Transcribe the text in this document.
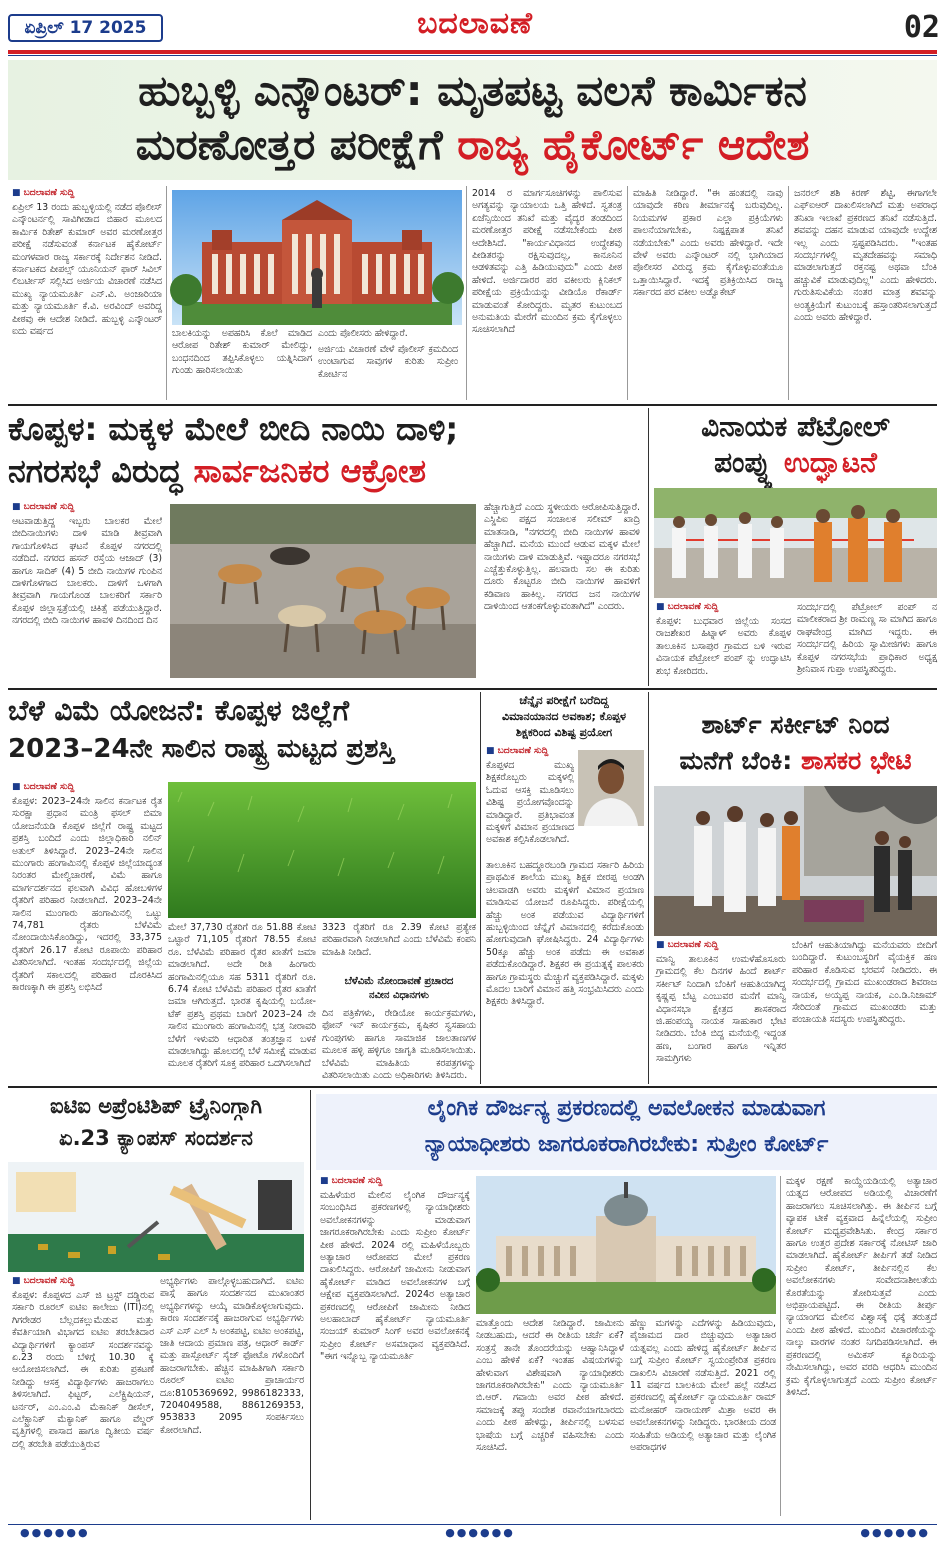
ಏಪ್ರಿಲ್ 17 2025	ಬದಲಾವಣೆ	02
ಹುಬ್ಬಳ್ಳಿ ಎನ್ಕೌಂಟರ್: ಮೃತಪಟ್ಟ ವಲಸೆ ಕಾರ್ಮಿಕನ
ಮರಣೋತ್ತರ ಪರೀಕ್ಷೆಗೆ ರಾಜ್ಯ ಹೈಕೋರ್ಟ್ ಆದೇಶ
■ ಬದಲಾವಣೆ ಸುದ್ದಿ
ಏಪ್ರಿಲ್ 13 ರಂದು ಹುಬ್ಬಳ್ಳಿಯಲ್ಲಿ ನಡೆದ ಪೊಲೀಸ್ ಎನ್ಕೌಂಟರ್ನಲ್ಲಿ ಸಾವಿಗೀಡಾದ ಬಿಹಾರ ಮೂಲದ ಕಾರ್ಮಿಕ ರಿತೇಶ್ ಕುಮಾರ್ ಅವರ ಮರಣೋತ್ತರ ಪರೀಕ್ಷೆ ನಡೆಸುವಂತೆ ಕರ್ನಾಟಕ ಹೈಕೋರ್ಟ್ ಮಂಗಳವಾರ ರಾಜ್ಯ ಸರ್ಕಾರಕ್ಕೆ ನಿರ್ದೇಶನ ನೀಡಿದೆ. ಕರ್ನಾಟಕದ ಪೀಪಲ್ಸ್ ಯೂನಿಯನ್ ಫಾರ್ ಸಿವಿಲ್ ಲಿಬರ್ಟೀಸ್ ಸಲ್ಲಿಸಿದ ಅರ್ಜಿಯ ವಿಚಾರಣೆ ನಡೆಸಿದ ಮುಖ್ಯ ನ್ಯಾಯಮೂರ್ತಿ ಎನ್.ವಿ. ಅಂಜಾರಿಯಾ ಮತ್ತು ನ್ಯಾಯಮೂರ್ತಿ ಕೆ.ವಿ. ಅರವಿಂದ್ ಅವರಿದ್ದ ಪೀಠವು ಈ ಆದೇಶ ನೀಡಿದೆ. ಹುಬ್ಬಳ್ಳಿ ಎನ್ಕೌಂಟರ್ ಐದು ವರ್ಷದ	ಬಾಲಕಿಯನ್ನು ಅಪಹರಿಸಿ ಕೊಲೆ ಮಾಡಿದ ಆರೋಪ ರಿತೇಶ್ ಕುಮಾರ್ ಮೇಲಿದ್ದು, ಬಂಧನದಿಂದ ತಪ್ಪಿಸಿಕೊಳ್ಳಲು ಯತ್ನಿಸಿದಾಗ ಗುಂಡು ಹಾರಿಸಲಾಯಿತು
ಎಂದು ಪೊಲೀಸರು ಹೇಳಿದ್ದಾರೆ.
ಅರ್ಜಿಯ ವಿಚಾರಣೆ ವೇಳೆ ಪೊಲೀಸ್ ಕ್ರಮದಿಂದ ಉಂಟಾಗುವ ಸಾವುಗಳ ಕುರಿತು ಸುಪ್ರೀಂ ಕೋರ್ಟಿನ
2014 ರ ಮಾರ್ಗಸೂಚಿಗಳನ್ನು ಪಾಲಿಸುವ ಅಗತ್ಯವನ್ನು ನ್ಯಾಯಾಲಯ ಒತ್ತಿ ಹೇಳಿದೆ. ಸ್ವತಂತ್ರ ಏಜೆನ್ಸಿಯಿಂದ ತನಿಖೆ ಮತ್ತು ವೈದ್ಯರ ತಂಡದಿಂದ ಮರಣೋತ್ತರ ಪರೀಕ್ಷೆ ನಡೆಸಬೇಕೆಂದು ಪೀಠ ಆದೇಶಿಸಿದೆ. "ಕಾರ್ಯವಿಧಾನದ ಉದ್ದೇಶವು ಪೀಡಿತರನ್ನು ರಕ್ಷಿಸುವುದಲ್ಲ, ಕಾನೂನಿನ ಆಡಳಿತವನ್ನು ಎತ್ತಿ ಹಿಡಿಯುವುದು" ಎಂದು ಪೀಠ ಹೇಳಿದೆ. ಅರ್ಜಿದಾರರ ಪರ ವಕೀಲರು ಕ್ಲಿನಿಕಲ್ ಪರೀಕ್ಷೆಯ ಪ್ರಕ್ರಿಯೆಯನ್ನು ವೀಡಿಯೊ ರೆಕಾರ್ಡ್ ಮಾಡುವಂತೆ ಕೋರಿದ್ದರು. ಮೃತರ ಕುಟುಂಬದ ಅನುಮತಿಯ ಮೇರೆಗೆ ಮುಂದಿನ ಕ್ರಮ ಕೈಗೊಳ್ಳಲು ಸೂಚಿಸಲಾಗಿದೆ
ಮಾಹಿತಿ ನೀಡಿದ್ದಾರೆ. "ಈ ಹಂತದಲ್ಲಿ ನಾವು ಯಾವುದೇ ಕಠಿಣ ತೀರ್ಮಾನಕ್ಕೆ ಬರುವುದಿಲ್ಲ. ನಿಯಮಗಳ ಪ್ರಕಾರ ಎಲ್ಲಾ ಪ್ರಕ್ರಿಯೆಗಳು ಪಾಲನೆಯಾಗಬೇಕು, ನಿಷ್ಪಕ್ಷಪಾತ ತನಿಖೆ ನಡೆಯಬೇಕು" ಎಂದು ಅವರು ಹೇಳಿದ್ದಾರೆ. ಇದೇ ವೇಳೆ ಅವರು ಎನ್ಕೌಂಟರ್ ನಲ್ಲಿ ಭಾಗಿಯಾದ ಪೊಲೀಸರ ವಿರುದ್ಧ ಕ್ರಮ ಕೈಗೊಳ್ಳುವಂತೆಯೂ ಒತ್ತಾಯಿಸಿದ್ದಾರೆ. ಇದಕ್ಕೆ ಪ್ರತಿಕ್ರಿಯಿಸಿದ ರಾಜ್ಯ ಸರ್ಕಾರದ ಪರ ವಕೀಲ ಅಡ್ವೊಕೇಟ್
ಜನರಲ್ ಶಶಿ ಕಿರಣ್ ಶೆಟ್ಟಿ, ಈಗಾಗಲೇ ಎಫ್ಐಆರ್ ದಾಖಲಿಸಲಾಗಿದೆ ಮತ್ತು ಅಪರಾಧ ತನಿಖಾ ಇಲಾಖೆ ಪ್ರಕರಣದ ತನಿಖೆ ನಡೆಸುತ್ತಿದೆ. ಶವವನ್ನು ದಹನ ಮಾಡುವ ಯಾವುದೇ ಉದ್ದೇಶ ಇಲ್ಲ ಎಂದು ಸ್ಪಷ್ಟಪಡಿಸಿದರು. "ಇಂತಹ ಸಂದರ್ಭಗಳಲ್ಲಿ ಮೃತದೇಹವನ್ನು ಸಮಾಧಿ ಮಾಡಲಾಗುತ್ತದೆ ರಕ್ತನಷ್ಟ ಅಥವಾ ಬೆಂಕಿ ಹಚ್ಚುವಿಕೆ ಮಾಡುವುದಿಲ್ಲ" ಎಂದು ಹೇಳಿದರು. ಗುರುತಿಸುವಿಕೆಯ ನಂತರ ಮಾತ್ರ ಶವವನ್ನು ಅಂತ್ಯಕ್ರಿಯೆಗೆ ಕುಟುಂಬಕ್ಕೆ ಹಸ್ತಾಂತರಿಸಲಾಗುತ್ತದೆ ಎಂದು ಅವರು ಹೇಳಿದ್ದಾರೆ.
ಕೊಪ್ಪಳ: ಮಕ್ಕಳ ಮೇಲೆ ಬೀದಿ ನಾಯಿ ದಾಳಿ;
ನಗರಸಭೆ ವಿರುದ್ಧ ಸಾರ್ವಜನಿಕರ ಆಕ್ರೋಶ
■ ಬದಲಾವಣೆ ಸುದ್ದಿ
ಆಟವಾಡುತ್ತಿದ್ದ ಇಬ್ಬರು ಬಾಲಕರ ಮೇಲೆ ಬೀದಿನಾಯಿಗಳು ದಾಳಿ ಮಾಡಿ ತೀವ್ರವಾಗಿ ಗಾಯಗೊಳಿಸಿದ ಘಟನೆ ಕೊಪ್ಪಳ ನಗರದಲ್ಲಿ ನಡೆದಿದೆ. ನಗರದ ಹಸನ್ ರಸ್ತೆಯ ಆಜಾದ್ (3) ಹಾಗೂ ಸಾದಿಕ್ (4) 5 ಬೀದಿ ನಾಯಿಗಳ ಗುಂಪಿನ ದಾಳಿಗೊಳಗಾದ ಬಾಲಕರು. ದಾಳಿಗೆ ಒಳಗಾಗಿ ತೀವ್ರವಾಗಿ ಗಾಯಗೊಂಡ ಬಾಲಕರಿಗೆ ಸರ್ಕಾರಿ ಕೊಪ್ಪಳ ಜಿಲ್ಲಾಸ್ಪತ್ರೆಯಲ್ಲಿ ಚಿಕಿತ್ಸೆ ಪಡೆಯುತ್ತಿದ್ದಾರೆ. ನಗರದಲ್ಲಿ ಬೀದಿ ನಾಯಿಗಳ ಹಾವಳಿ ದಿನದಿಂದ ದಿನ
ಹೆಚ್ಚಾಗುತ್ತಿದೆ ಎಂದು ಸ್ಥಳೀಯರು ಆರೋಪಿಸುತ್ತಿದ್ದಾರೆ. ಎಸ್ಡಿಪಿಐ ಪಕ್ಷದ ಸಂಚಾಲಕ ಸಲೀಮ್ ಖಾದ್ರಿ ಮಾತನಾಡಿ, "ನಗರದಲ್ಲಿ ಬೀದಿ ನಾಯಿಗಳ ಹಾವಳಿ ಹೆಚ್ಚಾಗಿದೆ. ಮನೆಯ ಮುಂದೆ ಆಡುವ ಮಕ್ಕಳ ಮೇಲೆ ನಾಯಿಗಳು ದಾಳಿ ಮಾಡುತ್ತಿವೆ. ಇಷ್ಟಾದರೂ ನಗರಸಭೆ ಎಚ್ಚೆತ್ತುಕೊಳ್ಳುತ್ತಿಲ್ಲ. ಹಲವಾರು ಸಲ ಈ ಕುರಿತು ದೂರು ಕೊಟ್ಟರೂ ಬೀದಿ ನಾಯಿಗಳ ಹಾವಳಿಗೆ ಕಡಿವಾಣ ಹಾಕಿಲ್ಲ. ನಗರದ ಜನ ನಾಯಿಗಳ ದಾಳಿಯಿಂದ ಆತಂಕಗೊಳ್ಳುವಂತಾಗಿದೆ" ಎಂದರು.
ವಿನಾಯಕ ಪೆಟ್ರೋಲ್
ಪಂಪ್ನ್ನು ಉದ್ಘಾಟನೆ
■ ಬದಲಾವಣೆ ಸುದ್ದಿ
ಕೊಪ್ಪಳ: ಬುಧವಾರ ಜಿಲ್ಲೆಯ ಸಂಸದ ರಾಜಶೇಖರ ಹಿಟ್ನಾಳ್ ಅವರು ಕೊಪ್ಪಳ ತಾಲೂಕಿನ ಬಸಾಪುರ ಗ್ರಾಮದ ಬಳಿ ಇರುವ ವಿನಾಯಕ ಪೆಟ್ರೋಲ್ ಪಂಪ್ ನ್ನು ಉದ್ಘಾಟಿಸಿ ಶುಭ ಕೋರಿದರು.
ಸಂದರ್ಭದಲ್ಲಿ ಪೆಟ್ರೋಲ್ ಪಂಪ್ ನ ಮಾಲೀಕರಾದ ಶ್ರೀ ರಾಮಣ್ಣ ಸಾ ಮಾಗಿದ ಹಾಗೂ ರಾಘವೇಂದ್ರ ಮಾಗಿದ ಇದ್ದರು. ಈ ಸಂದರ್ಭದಲ್ಲಿ ಹಿರಿಯ ಸ್ವಾಮೀಜಿಗಳು ಹಾಗೂ ಕೊಪ್ಪಳ ನಗರಸಭೆಯ ಪ್ರಾಧಿಕಾರ ಅಧ್ಯಕ್ಷ ಶ್ರೀನಿವಾಸ ಗುಪ್ತಾ ಉಪಸ್ಥಿತರಿದ್ದರು.
ಬೆಳೆ ವಿಮೆ ಯೋಜನೆ: ಕೊಪ್ಪಳ ಜಿಲ್ಲೆಗೆ
2023–24ನೇ ಸಾಲಿನ ರಾಷ್ಟ್ರ ಮಟ್ಟದ ಪ್ರಶಸ್ತಿ
■ ಬದಲಾವಣೆ ಸುದ್ದಿ
ಕೊಪ್ಪಳ: 2023–24ನೇ ಸಾಲಿನ ಕರ್ನಾಟಕ ರೈತ ಸುರಕ್ಷಾ ಪ್ರಧಾನ ಮಂತ್ರಿ ಫಸಲ್ ಬಿಮಾ ಯೋಜನೆಯಡಿ ಕೊಪ್ಪಳ ಜಿಲ್ಲೆಗೆ ರಾಷ್ಟ್ರ ಮಟ್ಟದ ಪ್ರಶಸ್ತಿ ಬಂದಿದೆ ಎಂದು ಜಿಲ್ಲಾಧಿಕಾರಿ ನಲಿನ್ ಅತುಲ್ ತಿಳಿಸಿದ್ದಾರೆ. 2023–24ನೇ ಸಾಲಿನ ಮುಂಗಾರು ಹಂಗಾಮಿನಲ್ಲಿ ಕೊಪ್ಪಳ ಜಿಲ್ಲೆಯಾದ್ಯಂತ ನಿರಂತರ ಮೇಲ್ವಿಚಾರಣೆ, ವಿಮೆ ಹಾಗೂ ಮಾರ್ಗದರ್ಶನದ ಫಲವಾಗಿ ವಿವಿಧ ಹೋಬಳಿಗಳ ರೈತರಿಗೆ ಪರಿಹಾರ ನೀಡಲಾಗಿದೆ. 2023–24ನೇ ಸಾಲಿನ ಮುಂಗಾರು ಹಂಗಾಮಿನಲ್ಲಿ ಒಟ್ಟು 74,781 ರೈತರು ಬೆಳೆವಿಮೆ ನೋಂದಾಯಿಸಿಕೊಂಡಿದ್ದು, ಇದರಲ್ಲಿ 33,375 ರೈತರಿಗೆ 26.17 ಕೋಟಿ ರೂಪಾಯಿ ಪರಿಹಾರ ವಿತರಿಸಲಾಗಿದೆ. ಇಂತಹ ಸಂದರ್ಭದಲ್ಲಿ ಜಿಲ್ಲೆಯ ರೈತರಿಗೆ ಸಕಾಲದಲ್ಲಿ ಪರಿಹಾರ ದೊರಕಿಸಿದ ಕಾರಣಕ್ಕಾಗಿ ಈ ಪ್ರಶಸ್ತಿ ಲಭಿಸಿದೆ
ಮೇಲೆ 37,730 ರೈತರಿಗೆ ರೂ 51.88 ಕೋಟಿ ಒಟ್ಟಾರೆ 71,105 ರೈತರಿಗೆ 78.55 ಕೋಟಿ ರೂ. ಬೆಳೆವಿಮೆ ಪರಿಹಾರ ರೈತರ ಖಾತೆಗೆ ಜಮಾ ಮಾಡಲಾಗಿದೆ. ಅದೇ ರೀತಿ ಹಿಂಗಾರು ಹಂಗಾಮಿನಲ್ಲಿಯೂ ಸಹ 5311 ರೈತರಿಗೆ ರೂ. 6.74 ಕೋಟಿ ಬೆಳೆವಿಮೆ ಪರಿಹಾರ ರೈತರ ಖಾತೆಗೆ ಜಮಾ ಆಗಿರುತ್ತದೆ. ಭಾರತ ಕೃಷಿಯಲ್ಲಿ ಬಯೋ-ಟೆಕ್ ಪ್ರಶಸ್ತಿ ಪ್ರಥಮ ಬಾರಿಗೆ 2023–24 ನೇ ಸಾಲಿನ ಮುಂಗಾರು ಹಂಗಾಮಿನಲ್ಲಿ ಭತ್ತ ನೀರಾವರಿ ಬೆಳೆಗೆ ಇಳುವರಿ ಆಧಾರಿತ ತಂತ್ರಜ್ಞಾನ ಬಳಕೆ ಮಾಡಲಾಗಿದ್ದು ಹೊಲದಲ್ಲಿ ಬೆಳೆ ಸಮೀಕ್ಷೆ ಮಾಡುವ ಮೂಲಕ ರೈತರಿಗೆ ಸೂಕ್ತ ಪರಿಹಾರ ಒದಗಿಸಲಾಗಿದೆ
3323 ರೈತರಿಗೆ ರೂ 2.39 ಕೋಟಿ ಪ್ರತ್ಯೇಕ ಪರಿಹಾರವಾಗಿ ನೀಡಲಾಗಿದೆ ಎಂದು ಬೆಳೆವಿಮೆ ಕಂಪನಿ ಮಾಹಿತಿ ನೀಡಿದೆ.
ಬೆಳೆವಿಮೆ ನೋಂದಾವಣೆ ಪ್ರಚಾರದ
ನವೀನ ವಿಧಾನಗಳು
ದಿನ ಪತ್ರಿಕೆಗಳು, ರೇಡಿಯೋ ಕಾರ್ಯಕ್ರಮಗಳು, ಫೋನ್ ಇನ್ ಕಾರ್ಯಕ್ರಮ, ಕೃಷಿಕರ ಸ್ವಸಹಾಯ ಗುಂಪುಗಳು ಹಾಗೂ ಸಾಮಾಜಿಕ ಜಾಲತಾಣಗಳ ಮೂಲಕ ಹಳ್ಳಿ ಹಳ್ಳಿಗೂ ಜಾಗೃತಿ ಮೂಡಿಸಲಾಯಿತು. ಬೆಳೆವಿಮೆ ಮಾಹಿತಿಯ ಕರಪತ್ರಗಳನ್ನು ವಿತರಿಸಲಾಯಿತು ಎಂದು ಅಧಿಕಾರಿಗಳು ತಿಳಿಸಿದರು.
ಚೆನ್ನೈನ ಪರೀಕ್ಷೆಗೆ ಬರೆದಿದ್ದ
ವಿಮಾನಯಾನದ ಅವಕಾಶ; ಕೊಪ್ಪಳ
ಶಿಕ್ಷಕರಿಂದ ವಿಶಿಷ್ಟ ಪ್ರಯೋಗ
■ ಬದಲಾವಣೆ ಸುದ್ದಿ
ಕೊಪ್ಪಳದ ಮುಖ್ಯ ಶಿಕ್ಷಕರೊಬ್ಬರು ಮಕ್ಕಳಲ್ಲಿ ಓದುವ ಆಸಕ್ತಿ ಮೂಡಿಸಲು ವಿಶಿಷ್ಟ ಪ್ರಯೋಗವೊಂದನ್ನು ಮಾಡಿದ್ದಾರೆ. ಪ್ರತಿಭಾವಂತ ಮಕ್ಕಳಿಗೆ ವಿಮಾನ ಪ್ರಯಾಣದ ಅವಕಾಶ ಕಲ್ಪಿಸಿಕೊಡಲಾಗಿದೆ.
ತಾಲೂಕಿನ ಬಹದ್ದೂರಬಂಡಿ ಗ್ರಾಮದ ಸರ್ಕಾರಿ ಹಿರಿಯ ಪ್ರಾಥಮಿಕ ಶಾಲೆಯ ಮುಖ್ಯ ಶಿಕ್ಷಕ ಬೀರಪ್ಪ ಅಂಡಗಿ ಚಿಲವಾಡಗಿ ಅವರು ಮಕ್ಕಳಿಗೆ ವಿಮಾನ ಪ್ರಯಾಣ ಮಾಡಿಸುವ ಯೋಜನೆ ರೂಪಿಸಿದ್ದರು. ಪರೀಕ್ಷೆಯಲ್ಲಿ ಹೆಚ್ಚು ಅಂಕ ಪಡೆಯುವ ವಿದ್ಯಾರ್ಥಿಗಳಿಗೆ ಹುಬ್ಬಳ್ಳಿಯಿಂದ ಚೆನ್ನೈಗೆ ವಿಮಾನದಲ್ಲಿ ಕರೆದುಕೊಂಡು ಹೋಗುವುದಾಗಿ ಘೋಷಿಸಿದ್ದರು. 24 ವಿದ್ಯಾರ್ಥಿಗಳು 50ಕ್ಕೂ ಹೆಚ್ಚು ಅಂಕ ಪಡೆದು ಈ ಅವಕಾಶ ಪಡೆದುಕೊಂಡಿದ್ದಾರೆ. ಶಿಕ್ಷಕರ ಈ ಪ್ರಯತ್ನಕ್ಕೆ ಪಾಲಕರು ಹಾಗೂ ಗ್ರಾಮಸ್ಥರು ಮೆಚ್ಚುಗೆ ವ್ಯಕ್ತಪಡಿಸಿದ್ದಾರೆ. ಮಕ್ಕಳು ಮೊದಲ ಬಾರಿಗೆ ವಿಮಾನ ಹತ್ತಿ ಸಂಭ್ರಮಿಸಿದರು ಎಂದು ಶಿಕ್ಷಕರು ತಿಳಿಸಿದ್ದಾರೆ.
ಶಾರ್ಟ್ ಸರ್ಕೀಟ್ ನಿಂದ
ಮನೆಗೆ ಬೆಂಕಿ: ಶಾಸಕರ ಭೇಟಿ
■ ಬದಲಾವಣೆ ಸುದ್ದಿ
ಮಾನ್ವಿ ತಾಲೂಕಿನ ಉಮಳೆಹೊಸೂರು ಗ್ರಾಮದಲ್ಲಿ ಕೆಲ ದಿನಗಳ ಹಿಂದೆ ಶಾರ್ಟ್ ಸರ್ಕೀಟ್ ನಿಂದಾಗಿ ಬೆಂಕಿಗೆ ಆಹುತಿಯಾಗಿದ್ದ ಕೃಷ್ಣಪ್ಪ ಬೆಟ್ಟ ಎಂಬುವರ ಮನೆಗೆ ಮಾನ್ವಿ ವಿಧಾನಸಭಾ ಕ್ಷೇತ್ರದ ಶಾಸಕರಾದ ಜಿ.ಹಂಪಯ್ಯ ನಾಯಕ ಸಾಹುಕಾರ ಭೇಟಿ ನೀಡಿದರು. ಬೆಂಕಿ ಬಿದ್ದ ಮನೆಯಲ್ಲಿ ಇದ್ದಂತ ಹಣ, ಬಂಗಾರ ಹಾಗೂ ಇನ್ನಿತರ ಸಾಮಗ್ರಿಗಳು
ಬೆಂಕಿಗೆ ಆಹುತಿಯಾಗಿದ್ದು ಮನೆಯವರು ಬೀದಿಗೆ ಬಂದಿದ್ದಾರೆ. ಕುಟುಂಬಸ್ಥರಿಗೆ ವೈಯಕ್ತಿಕ ಹಣ ಪರಿಹಾರ ಕೊಡಿಸುವ ಭರವಸೆ ನೀಡಿದರು. ಈ ಸಂದರ್ಭದಲ್ಲಿ ಗ್ರಾಮದ ಮುಖಂಡರಾದ ಶಿವರಾಜ ನಾಯಕ, ಅಯ್ಯಪ್ಪ ನಾಯಕ, ಎಂ.ಡಿ.ನಿಜಾಮ್ ಸೇರಿದಂತೆ ಗ್ರಾಮದ ಮುಖಂಡರು ಮತ್ತು ಪಂಚಾಯತಿ ಸದಸ್ಯರು ಉಪಸ್ಥಿತರಿದ್ದರು.
ಐಟಿಐ ಅಪ್ರೆಂಟಿಶಿಪ್ ಟ್ರೈನಿಂಗ್ಗಾಗಿ
ಏ.23 ಕ್ಯಾಂಪಸ್ ಸಂದರ್ಶನ
■ ಬದಲಾವಣೆ ಸುದ್ದಿ
ಕೊಪ್ಪಳ: ಕೊಪ್ಪಳದ ಎಸ್ ಜಿ ಟ್ರಸ್ಟ್ ದಡ್ಡಿರುವ ಸರ್ಕಾರಿ ರೂರಲ್ ಐಟಿಐ ಕಾಲೇಜು (ITI)ನಲ್ಲಿ ಗಿಗರೇಡರ ಬೆಲ್ಲದಕಲ್ಲುಮೆಡುವ ಮತ್ತು ಕೆವರ್ತಿಯಾಗಿ ವಿಭಾಗದ ಐಟಿಐ ತರಬೇತಿದಾರ ವಿದ್ಯಾರ್ಥಿಗಳಿಗೆ ಕ್ಯಾಂಪಸ್ ಸಂದರ್ಶನವನ್ನು ಏ.23 ರಂದು ಬೆಳಿಗ್ಗೆ 10.30 ಕ್ಕೆ ಆಯೋಜಿಸಲಾಗಿದೆ. ಈ ಕುರಿತು ಪ್ರಕಟಣೆ ನೀಡಿದ್ದು ಆಸಕ್ತ ವಿದ್ಯಾರ್ಥಿಗಳು ಹಾಜರಾಗಲು ತಿಳಿಸಲಾಗಿದೆ. ಫಿಟ್ಟರ್, ಎಲೆಕ್ಟ್ರಿಷಿಯನ್, ಟರ್ನರ್, ಎಂ.ಎಂ.ವಿ ಮೆಕಾನಿಕ್ ಡೀಸೆಲ್, ಎಲೆಕ್ಟ್ರಾನಿಕ್ ಮೆಕ್ಯಾನಿಕ್ ಹಾಗೂ ವೆಲ್ಡರ್ ವೃತ್ತಿಗಳಲ್ಲಿ ಪಾಸಾದ ಹಾಗೂ ದ್ವಿತೀಯ ವರ್ಷ ದಲ್ಲಿ ತರಬೇತಿ ಪಡೆಯುತ್ತಿರುವ
ಅಭ್ಯರ್ಥಿಗಳು ಪಾಲ್ಗೊಳ್ಳಬಹುದಾಗಿದೆ. ಐಟಿಐ ಪಾಸ್ಗೆ ಹಾಗೂ ಸಂದರ್ಶನದ ಮುಖಾಂತರ ಅಭ್ಯರ್ಥಿಗಳನ್ನು ಆಯ್ಕೆ ಮಾಡಿಕೊಳ್ಳಲಾಗುವುದು. ಕಾರಣ ಸಂದರ್ಶನಕ್ಕೆ ಹಾಜರಾಗುವ ಅಭ್ಯರ್ಥಿಗಳು ಎಸ್ ಎಸ್ ಎಲ್ ಸಿ ಅಂಕಪಟ್ಟಿ, ಐಟಿಐ ಅಂಕಪಟ್ಟಿ, ಜಾತಿ ಆದಾಯ ಪ್ರಮಾಣ ಪತ್ರ, ಆಧಾರ್ ಕಾರ್ಡ್ ಮತ್ತು ಪಾಸ್ಪೋರ್ಟ್ ಸೈಜ್ ಫೋಟೊ ಗಳೊಂದಿಗೆ ಹಾಜರಾಗಬೇಕು. ಹೆಚ್ಚಿನ ಮಾಹಿತಿಗಾಗಿ ಸರ್ಕಾರಿ ರೂರಲ್ ಐಟಿಐ ಪ್ರಾಚಾರ್ಯರ ದೂ:8105369692, 9986182333, 7204049588, 8861269353, 953833 2095 ಸಂಪರ್ಕಿಸಲು ಕೋರಲಾಗಿದೆ.
ಲೈಂಗಿಕ ದೌರ್ಜನ್ಯ ಪ್ರಕರಣದಲ್ಲಿ ಅವಲೋಕನ ಮಾಡುವಾಗ
ನ್ಯಾಯಾಧೀಶರು ಜಾಗರೂಕರಾಗಿರಬೇಕು: ಸುಪ್ರೀಂ ಕೋರ್ಟ್
■ ಬದಲಾವಣೆ ಸುದ್ದಿ
ಮಹಿಳೆಯರ ಮೇಲಿನ ಲೈಂಗಿಕ ದೌರ್ಜನ್ಯಕ್ಕೆ ಸಂಬಂಧಿಸಿದ ಪ್ರಕರಣಗಳಲ್ಲಿ ನ್ಯಾಯಾಧೀಶರು ಅವಲೋಕನಗಳನ್ನು ಮಾಡುವಾಗ ಜಾಗರೂಕರಾಗಿರಬೇಕು ಎಂದು ಸುಪ್ರೀಂ ಕೋರ್ಟ್ ಪೀಠ ಹೇಳಿದೆ. 2024 ರಲ್ಲಿ ಮಹಿಳೆಯೊಬ್ಬರು ಅತ್ಯಾಚಾರ ಆರೋಪದ ಮೇಲೆ ಪ್ರಕರಣ ದಾಖಲಿಸಿದ್ದರು. ಆರೋಪಿಗೆ ಜಾಮೀನು ನೀಡುವಾಗ ಹೈಕೋರ್ಟ್ ಮಾಡಿದ ಅವಲೋಕನಗಳ ಬಗ್ಗೆ ಆಕ್ಷೇಪ ವ್ಯಕ್ತಪಡಿಸಲಾಗಿದೆ. 2024ರ ಅತ್ಯಾಚಾರ ಪ್ರಕರಣದಲ್ಲಿ ಆರೋಪಿಗೆ ಜಾಮೀನು ನೀಡಿದ ಅಲಹಾಬಾದ್ ಹೈಕೋರ್ಟ್ ನ್ಯಾಯಮೂರ್ತಿ ಸಂಜಯ್ ಕುಮಾರ್ ಸಿಂಗ್ ಅವರ ಅವಲೋಕನಕ್ಕೆ ಸುಪ್ರೀಂ ಕೋರ್ಟ್ ಅಸಮಾಧಾನ ವ್ಯಕ್ತಪಡಿಸಿದೆ. "ಈಗ ಇನ್ನೊಬ್ಬ ನ್ಯಾಯಮೂರ್ತಿ
ಮಾತ್ತೊಂದು ಆದೇಶ ನೀಡಿದ್ದಾರೆ. ಜಾಮೀನು ನೀಡಬಹುದು, ಆದರೆ ಈ ರೀತಿಯ ಚರ್ಚೆ ಏಕೆ? ಸಂತ್ರಸ್ತೆ ತಾನೇ ತೊಂದರೆಯನ್ನು ಆಹ್ವಾನಿಸಿದ್ದಾಳೆ ಎಂಬ ಹೇಳಿಕೆ ಏಕೆ? ಇಂತಹ ವಿಷಯಗಳನ್ನು ಹೇಳುವಾಗ ವಿಶೇಷವಾಗಿ ನ್ಯಾಯಾಧೀಶರು ಜಾಗರೂಕರಾಗಿರಬೇಕು" ಎಂದು ನ್ಯಾಯಮೂರ್ತಿ ಬಿ.ಆರ್. ಗವಾಯಿ ಅವರ ಪೀಠ ಹೇಳಿದೆ. ಸಮಾಜಕ್ಕೆ ತಪ್ಪು ಸಂದೇಶ ರವಾನೆಯಾಗಬಾರದು ಎಂದು ಪೀಠ ಹೇಳಿದ್ದು, ತೀರ್ಪಿನಲ್ಲಿ ಬಳಸುವ ಭಾಷೆಯ ಬಗ್ಗೆ ಎಚ್ಚರಿಕೆ ವಹಿಸಬೇಕು ಎಂದು ಸೂಚಿಸಿದೆ.
ಹೆಣ್ಣು ಮಗಳನ್ನು ಎದೆಗಳನ್ನು ಹಿಡಿಯುವುದು, ಪೈಜಾಮದ ದಾರ ಬಿಚ್ಚುವುದು ಅತ್ಯಾಚಾರ ಯತ್ನವಲ್ಲ ಎಂದು ಹೇಳಿದ್ದ ಹೈಕೋರ್ಟ್ ತೀರ್ಪಿನ ಬಗ್ಗೆ ಸುಪ್ರೀಂ ಕೋರ್ಟ್ ಸ್ವಯಂಪ್ರೇರಿತ ಪ್ರಕರಣ ದಾಖಲಿಸಿ ವಿಚಾರಣೆ ನಡೆಸುತ್ತಿದೆ. 2021 ರಲ್ಲಿ 11 ವರ್ಷದ ಬಾಲಕಿಯ ಮೇಲೆ ಹಲ್ಲೆ ನಡೆಸಿದ ಪ್ರಕರಣದಲ್ಲಿ ಹೈಕೋರ್ಟ್ ನ್ಯಾಯಮೂರ್ತಿ ರಾಮ್ ಮನೋಹರ್ ನಾರಾಯಣ್ ಮಿಶ್ರಾ ಅವರ ಈ ಅವಲೋಕನಗಳನ್ನು ನೀಡಿದ್ದರು. ಭಾರತೀಯ ದಂಡ ಸಂಹಿತೆಯ ಅಡಿಯಲ್ಲಿ ಅತ್ಯಾಚಾರ ಮತ್ತು ಲೈಂಗಿಕ ಅಪರಾಧಗಳ
ಮಕ್ಕಳ ರಕ್ಷಣೆ ಕಾಯ್ದೆಯಡಿಯಲ್ಲಿ ಅತ್ಯಾಚಾರ ಯತ್ನದ ಆರೋಪದ ಅಡಿಯಲ್ಲಿ ವಿಚಾರಣೆಗೆ ಹಾಜರಾಗಲು ಸೂಚಿಸಲಾಗಿತ್ತು. ಈ ತೀರ್ಪಿನ ಬಗ್ಗೆ ವ್ಯಾಪಕ ಟೀಕೆ ವ್ಯಕ್ತವಾದ ಹಿನ್ನೆಲೆಯಲ್ಲಿ ಸುಪ್ರೀಂ ಕೋರ್ಟ್ ಮಧ್ಯಪ್ರವೇಶಿಸಿತು. ಕೇಂದ್ರ ಸರ್ಕಾರ ಹಾಗೂ ಉತ್ತರ ಪ್ರದೇಶ ಸರ್ಕಾರಕ್ಕೆ ನೋಟಿಸ್ ಜಾರಿ ಮಾಡಲಾಗಿದೆ. ಹೈಕೋರ್ಟ್ ತೀರ್ಪಿಗೆ ತಡೆ ನೀಡಿದ ಸುಪ್ರೀಂ ಕೋರ್ಟ್, ತೀರ್ಪಿನಲ್ಲಿನ ಕೆಲ ಅವಲೋಕನಗಳು ಸಂವೇದನಾಶೀಲತೆಯ ಕೊರತೆಯನ್ನು ತೋರಿಸುತ್ತವೆ ಎಂದು ಅಭಿಪ್ರಾಯಪಟ್ಟಿದೆ. ಈ ರೀತಿಯ ತೀರ್ಪು ನ್ಯಾಯಾಂಗದ ಮೇಲಿನ ವಿಶ್ವಾಸಕ್ಕೆ ಧಕ್ಕೆ ತರುತ್ತದೆ ಎಂದು ಪೀಠ ಹೇಳಿದೆ. ಮುಂದಿನ ವಿಚಾರಣೆಯನ್ನು ನಾಲ್ಕು ವಾರಗಳ ನಂತರ ನಿಗದಿಪಡಿಸಲಾಗಿದೆ. ಈ ಪ್ರಕರಣದಲ್ಲಿ ಅಮಿಕಸ್ ಕ್ಯೂರಿಯನ್ನು ನೇಮಿಸಲಾಗಿದ್ದು, ಅವರ ವರದಿ ಆಧರಿಸಿ ಮುಂದಿನ ಕ್ರಮ ಕೈಗೊಳ್ಳಲಾಗುತ್ತದೆ ಎಂದು ಸುಪ್ರೀಂ ಕೋರ್ಟ್ ತಿಳಿಸಿದೆ.
●●●●●●	●●●●●●	●●●●●●
